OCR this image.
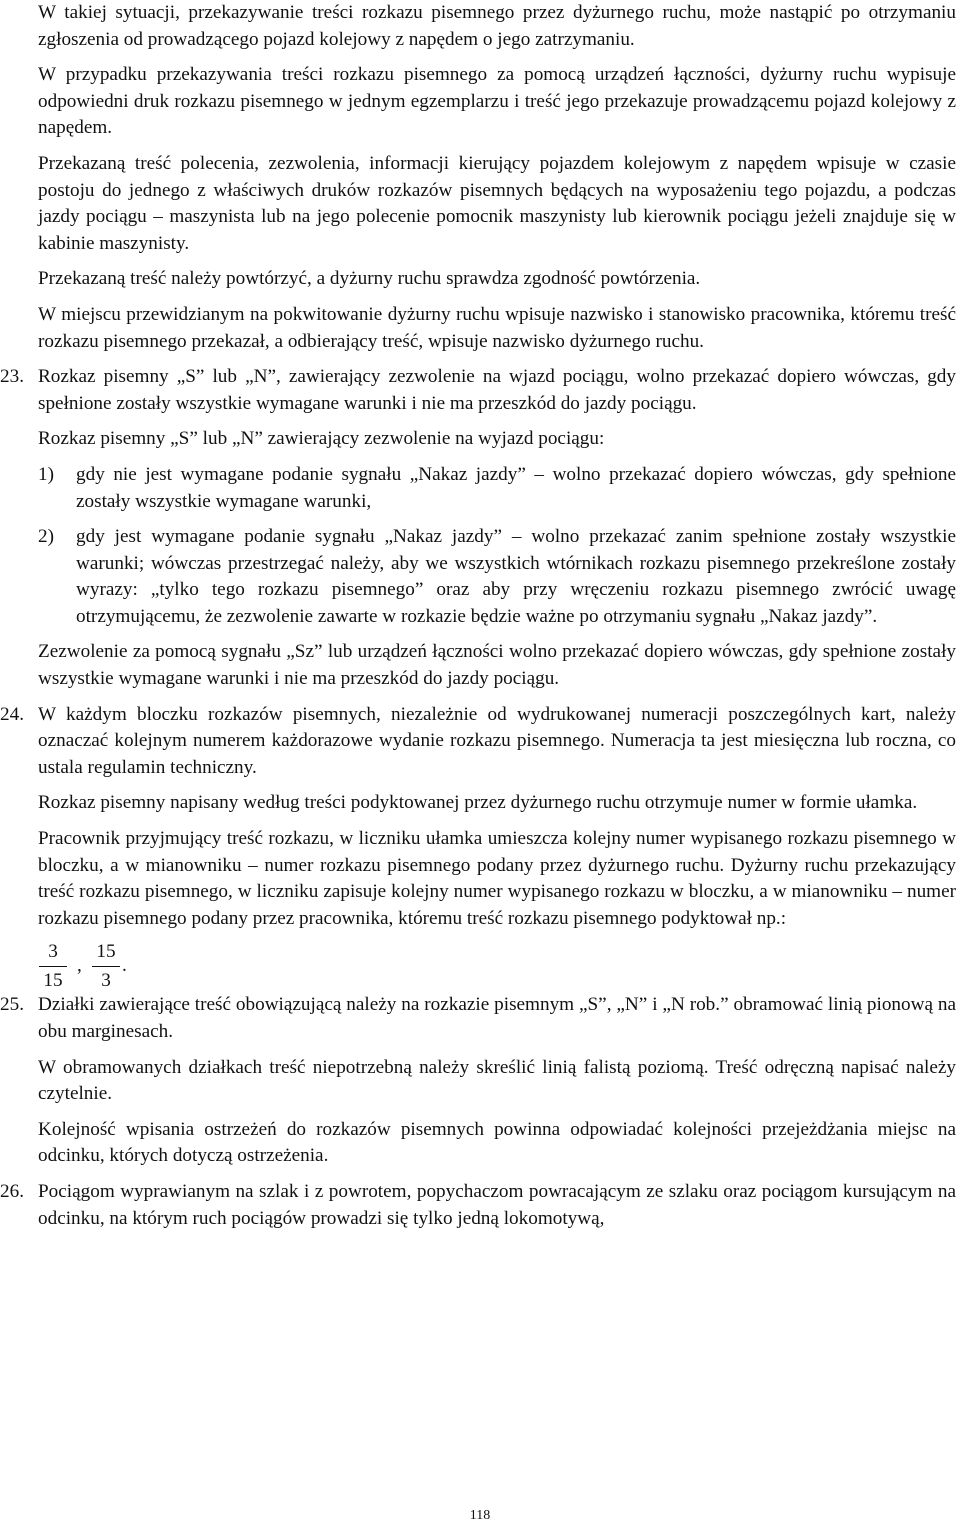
W takiej sytuacji, przekazywanie treści rozkazu pisemnego przez dyżurnego ruchu, może nastąpić po otrzymaniu zgłoszenia od prowadzącego pojazd kolejowy z napędem o jego zatrzymaniu.

W przypadku przekazywania treści rozkazu pisemnego za pomocą urządzeń łączności, dyżurny ruchu wypisuje odpowiedni druk rozkazu pisemnego w jednym egzemplarzu i treść jego przekazuje prowadzącemu pojazd kolejowy z napędem.

Przekazaną treść polecenia, zezwolenia, informacji kierujący pojazdem kolejowym z napędem wpisuje w czasie postoju do jednego z właściwych druków rozkazów pisemnych będących na wyposażeniu tego pojazdu, a podczas jazdy pociągu – maszynista lub na jego polecenie pomocnik maszynisty lub kierownik pociągu jeżeli znajduje się w kabinie maszynisty.

Przekazaną treść należy powtórzyć, a dyżurny ruchu sprawdza zgodność powtórzenia.

W miejscu przewidzianym na pokwitowanie dyżurny ruchu wpisuje nazwisko i stanowisko pracownika, któremu treść rozkazu pisemnego przekazał, a odbierający treść, wpisuje nazwisko dyżurnego ruchu.

23. Rozkaz pisemny „S” lub „N”, zawierający zezwolenie na wjazd pociągu, wolno przekazać dopiero wówczas, gdy spełnione zostały wszystkie wymagane warunki i nie ma przeszkód do jazdy pociągu.

Rozkaz pisemny „S” lub „N” zawierający zezwolenie na wyjazd pociągu:

1) gdy nie jest wymagane podanie sygnału „Nakaz jazdy” – wolno przekazać dopiero wówczas, gdy spełnione zostały wszystkie wymagane warunki,

2) gdy jest wymagane podanie sygnału „Nakaz jazdy” – wolno przekazać zanim spełnione zostały wszystkie warunki; wówczas przestrzegać należy, aby we wszystkich wtórnikach rozkazu pisemnego przekreślone zostały wyrazy: „tylko tego rozkazu pisemnego” oraz aby przy wręczeniu rozkazu pisemnego zwrócić uwagę otrzymującemu, że zezwolenie zawarte w rozkazie będzie ważne po otrzymaniu sygnału „Nakaz jazdy”.

Zezwolenie za pomocą sygnału „Sz” lub urządzeń łączności wolno przekazać dopiero wówczas, gdy spełnione zostały wszystkie wymagane warunki i nie ma przeszkód do jazdy pociągu.

24. W każdym bloczku rozkazów pisemnych, niezależnie od wydrukowanej numeracji poszczególnych kart, należy oznaczać kolejnym numerem każdorazowe wydanie rozkazu pisemnego. Numeracja ta jest miesięczna lub roczna, co ustala regulamin techniczny.

Rozkaz pisemny napisany według treści podyktowanej przez dyżurnego ruchu otrzymuje numer w formie ułamka.

Pracownik przyjmujący treść rozkazu, w liczniku ułamka umieszcza kolejny numer wypisanego rozkazu pisemnego w bloczku, a w mianowniku – numer rozkazu pisemnego podany przez dyżurnego ruchu. Dyżurny ruchu przekazujący treść rozkazu pisemnego, w liczniku zapisuje kolejny numer wypisanego rozkazu w bloczku, a w mianowniku – numer rozkazu pisemnego podany przez pracownika, któremu treść rozkazu pisemnego podyktował np.:

3
15
,
15
3
.
25. Działki zawierające treść obowiązującą należy na rozkazie pisemnym „S”, „N” i „N rob.” obramować linią pionową na obu marginesach.

W obramowanych działkach treść niepotrzebną należy skreślić linią falistą poziomą. Treść odręczną napisać należy czytelnie.

Kolejność wpisania ostrzeżeń do rozkazów pisemnych powinna odpowiadać kolejności przejeżdżania miejsc na odcinku, których dotyczą ostrzeżenia.

26. Pociągom wyprawianym na szlak i z powrotem, popychaczom powracającym ze szlaku oraz pociągom kursującym na odcinku, na którym ruch pociągów prowadzi się tylko jedną lokomotywą,

118
